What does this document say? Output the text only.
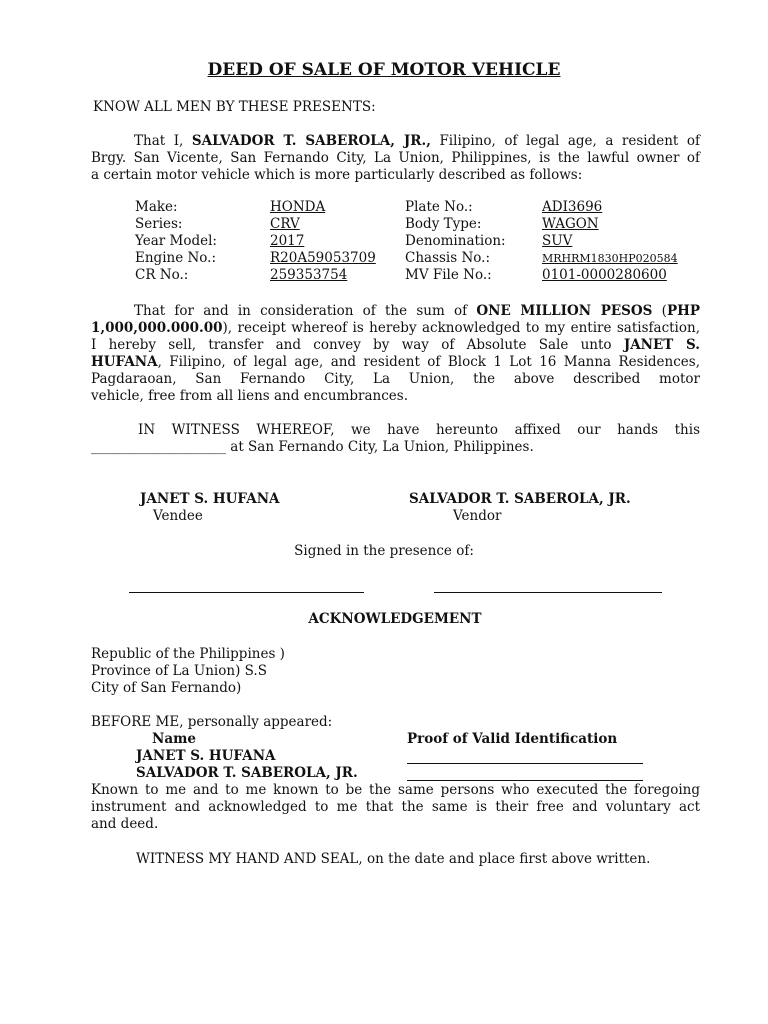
DEED OF SALE OF MOTOR VEHICLE
KNOW ALL MEN BY THESE PRESENTS:
That I, SALVADOR T. SABEROLA, JR., Filipino, of legal age, a resident of
Brgy. San Vicente, San Fernando City, La Union, Philippines, is the lawful owner of
a certain motor vehicle which is more particularly described as follows:
Make:	HONDA	Plate No.:	ADI3696
Series:	CRV	Body Type:	WAGON
Year Model:	2017	Denomination:	SUV
Engine No.:	R20A59053709 Chassis No.:	MRHRM1830HP020584
CR No.:	259353754	MV File No.:	0101-0000280600
That for and in consideration of the sum of ONE MILLION PESOS (PHP
1,000,000.000.00), receipt whereof is hereby acknowledged to my entire satisfaction,
I hereby sell, transfer and convey by way of Absolute Sale unto JANET S.
HUFANA, Filipino, of legal age, and resident of Block 1 Lot 16 Manna Residences,
Pagdaraoan, San Fernando City, La Union, the above described motor
vehicle, free from all liens and encumbrances.
IN WITNESS WHEREOF, we have hereunto affixed our hands this
____________________ at San Fernando City, La Union, Philippines.
JANET S. HUFANA
Vendee
SALVADOR T. SABEROLA, JR.
Vendor
Signed in the presence of:
ACKNOWLEDGEMENT
Republic of the Philippines )
Province of La Union) S.S
City of San Fernando)
BEFORE ME, personally appeared:
Name	Proof of Valid Identification
JANET S. HUFANA
SALVADOR T. SABEROLA, JR.
Known to me and to me known to be the same persons who executed the foregoing
instrument and acknowledged to me that the same is their free and voluntary act
and deed.
WITNESS MY HAND AND SEAL, on the date and place first above written.
